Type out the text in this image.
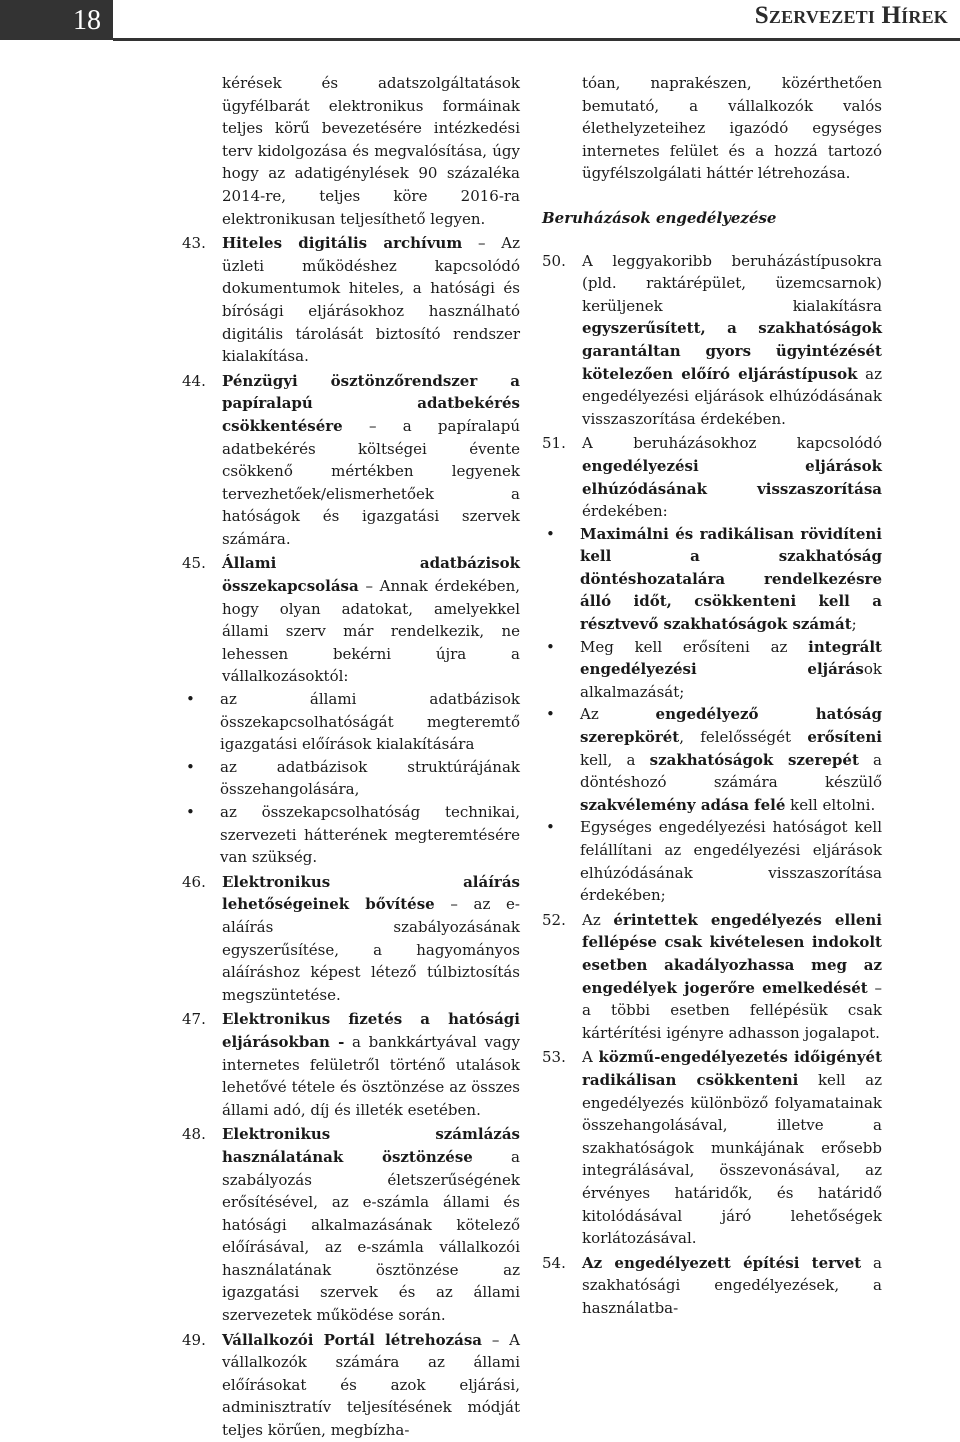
18	Szervezeti Hírek

kérések és adatszolgáltatások ügyfélbarát elektronikus formáinak teljes körű bevezetésére intézkedési terv kidolgozása és megvalósítása, úgy hogy az adatigénylések 90 százaléka 2014-re, teljes köre 2016-ra elektronikusan teljesíthető legyen.

43. Hiteles digitális archívum – Az üzleti működéshez kapcsolódó dokumentumok hiteles, a hatósági és bírósági eljárásokhoz használható digitális tárolását biztosító rendszer kialakítása.
44. Pénzügyi ösztönzőrendszer a papíralapú adatbekérés csökkentésére – a papíralapú adatbekérés költségei évente csökkenő mértékben legyenek tervezhetőek/elismerhetőek a hatóságok és igazgatási szervek számára.
45. Állami adatbázisok összekapcsolása – Annak érdekében, hogy olyan adatokat, amelyekkel állami szerv már rendelkezik, ne lehessen bekérni újra a vállalkozásoktól:
• az állami adatbázisok összekapcsolhatóságát megteremtő igazgatási előírások kialakítására
• az adatbázisok struktúrájának összehangolására,
• az összekapcsolhatóság technikai, szervezeti hátterének megteremtésére van szükség.
46. Elektronikus aláírás lehetőségeinek bővítése – az e-aláírás szabályozásának egyszerűsítése, a hagyományos aláíráshoz képest létező túlbiztosítás megszüntetése.
47. Elektronikus fizetés a hatósági eljárásokban - a bankkártyával vagy internetes felületről történő utalások lehetővé tétele és ösztönzése az összes állami adó, díj és illeték esetében.
48. Elektronikus számlázás használatának ösztönzése a szabályozás életszerűségének erősítésével, az e-számla állami és hatósági alkalmazásának kötelező előírásával, az e-számla vállalkozói használatának ösztönzése az igazgatási szervek és az állami szervezetek működése során.
49. Vállalkozói Portál létrehozása – A vállalkozók számára az állami előírásokat és azok eljárási, adminisztratív teljesítésének módját teljes körűen, megbízha-

tóan, naprakészen, közérthetően bemutató, a vállalkozók valós élethelyzeteihez igazódó egységes internetes felület és a hozzá tartozó ügyfélszolgálati háttér létrehozása.

Beruházások engedélyezése

50. A leggyakoribb beruházástípusokra (pld. raktárépület, üzemcsarnok) kerüljenek kialakításra egyszerűsített, a szakhatóságok garantáltan gyors ügyintézését kötelezően előíró eljárástípusok az engedélyezési eljárások elhúzódásának visszaszorítása érdekében.
51. A beruházásokhoz kapcsolódó engedélyezési eljárások elhúzódásának visszaszorítása érdekében:
• Maximálni és radikálisan rövidíteni kell a szakhatóság döntéshozatalára rendelkezésre álló időt, csökkenteni kell a résztvevő szakhatóságok számát;
• Meg kell erősíteni az integrált engedélyezési eljárások alkalmazását;
• Az engedélyező hatóság szerepkörét, felelősségét erősíteni kell, a szakhatóságok szerepét a döntéshozó számára készülő szakvélemény adása felé kell eltolni.
• Egységes engedélyezési hatóságot kell felállítani az engedélyezési eljárások elhúzódásának visszaszorítása érdekében;
52. Az érintettek engedélyezés elleni fellépése csak kivételesen indokolt esetben akadályozhassa meg az engedélyek jogerőre emelkedését – a többi esetben fellépésük csak kártérítési igényre adhasson jogalapot.
53. A közmű-engedélyezetés időigényét radikálisan csökkenteni kell az engedélyezés különböző folyamatainak összehangolásával, illetve a szakhatóságok munkájának erősebb integrálásával, összevonásával, az érvényes határidők, és határidő kitolódásával járó lehetőségek korlátozásával.
54. Az engedélyezett építési tervet a szakhatósági engedélyezések, a használatba-
